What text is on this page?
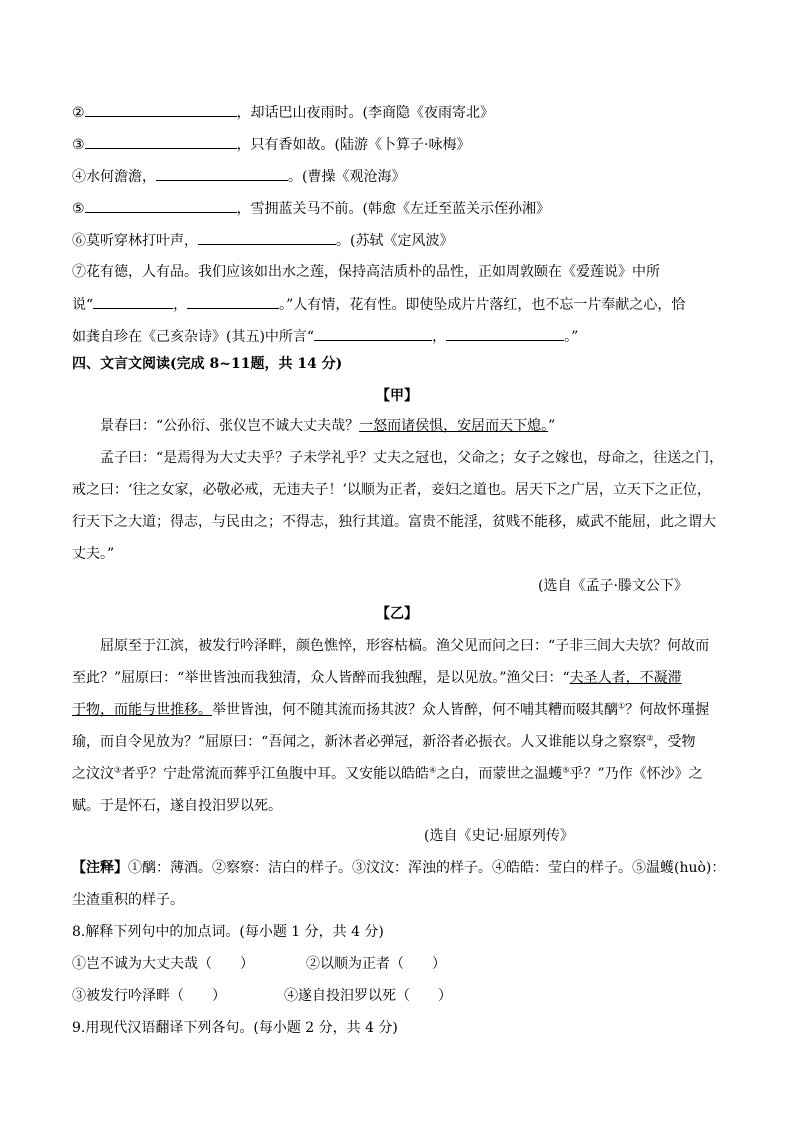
②	，却话巴山夜雨时。(李商隐《夜雨寄北》
③	，只有香如故。(陆游《卜算子·咏梅》
④水何澹澹，	。(曹操《观沧海》
⑤	，雪拥蓝关马不前。(韩愈《左迁至蓝关示侄孙湘》
⑥莫听穿林打叶声，	。(苏轼《定风波》
⑦花有德，人有品。我们应该如出水之莲，保持高洁质朴的品性，正如周敦颐在《爱莲说》中所
说“	，	。”人有情，花有性。即使坠成片片落红，也不忘一片奉献之心，恰
如龚自珍在《己亥杂诗》(其五)中所言“	，	。”
四、文言文阅读(完成 8~11题，共 14 分)
【甲】
景春曰：“公孙衍、张仪岂不诚大丈夫哉？一怒而诸侯惧，安居而天下熄。”
孟子曰：“是焉得为大丈夫乎？子未学礼乎？丈夫之冠也，父命之；女子之嫁也，母命之，往送之门，
戒之曰：‘往之女家，必敬必戒，无违夫子！’以顺为正者，妾妇之道也。居天下之广居，立天下之正位，
行天下之大道；得志，与民由之；不得志，独行其道。富贵不能淫，贫贱不能移，威武不能屈，此之谓大
丈夫。”
(选自《孟子·滕文公下》
【乙】
屈原至于江滨，被发行吟泽畔，颜色憔悴，形容枯槁。渔父见而问之曰：“子非三闾大夫欤？何故而
至此？”屈原曰：“举世皆浊而我独清，众人皆醉而我独醒，是以见放。”渔父曰：“夫圣人者，不凝滞
于物，而能与世推移。举世皆浊，何不随其流而扬其波？众人皆醉，何不哺其糟而啜其醨①？何故怀瑾握
瑜，而自令见放为？”屈原曰：“吾闻之，新沐者必弹冠，新浴者必振衣。人又谁能以身之察察②，受物
之汶汶③者乎？宁赴常流而葬乎江鱼腹中耳。又安能以皓皓④之白，而蒙世之温蠖⑤乎？”乃作《怀沙》之
赋。于是怀石，遂自投汨罗以死。
(选自《史记·屈原列传》
【注释】①醨：薄酒。②察察：洁白的样子。③汶汶：浑浊的样子。④皓皓：莹白的样子。⑤温蠖(huò)：
尘渣重积的样子。
8.解释下列句中的加点词。(每小题 1 分，共 4 分)
①岂不诚为大丈夫哉（　　）	②以顺为正者（　　）
③被发行吟泽畔（　　）	④遂自投汨罗以死（　　）
9.用现代汉语翻译下列各句。(每小题 2 分，共 4 分)
